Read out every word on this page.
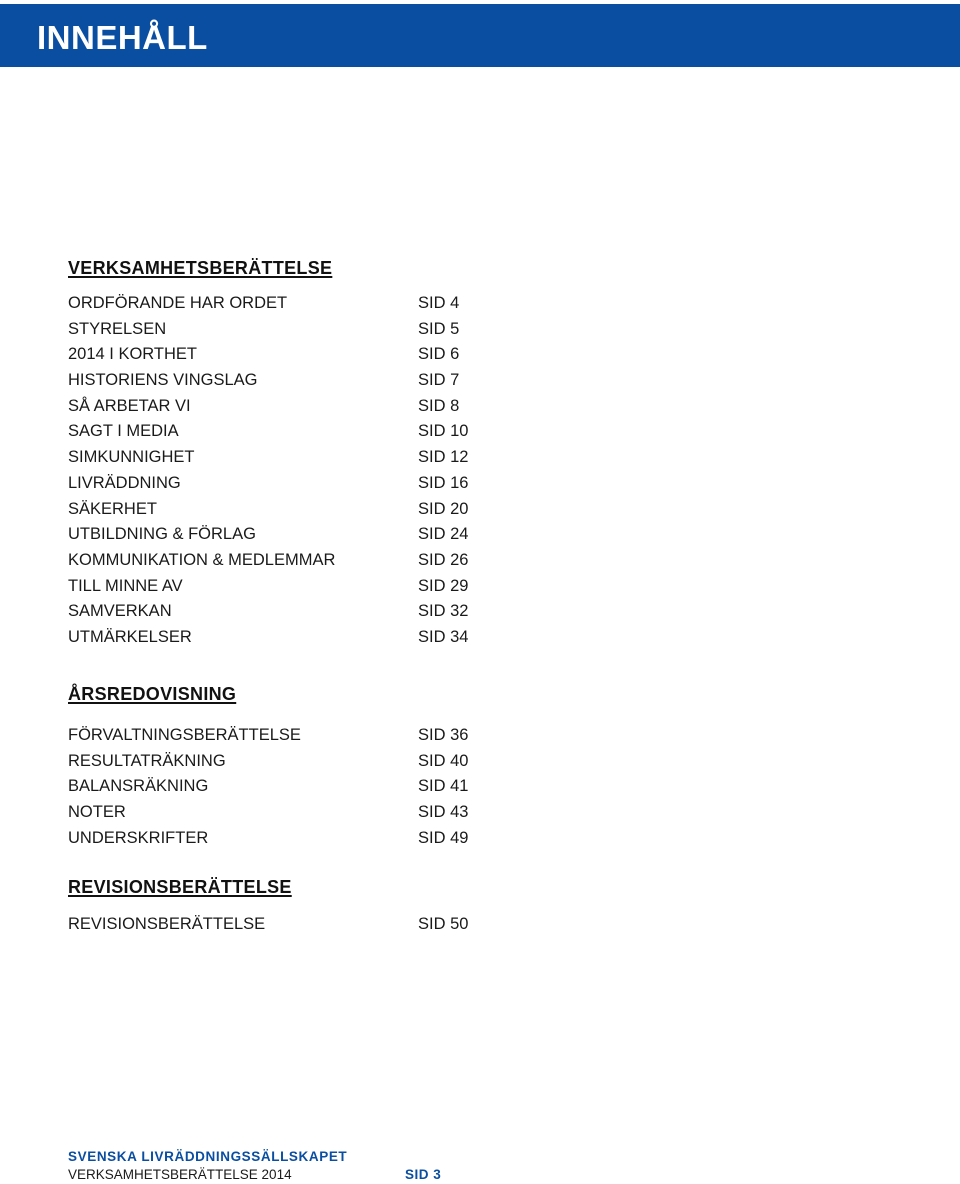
INNEHÅLL
VERKSAMHETSBERÄTTELSE
ORDFÖRANDE HAR ORDET	SID 4
STYRELSEN	SID 5
2014 I KORTHET	SID 6
HISTORIENS VINGSLAG	SID 7
SÅ ARBETAR VI	SID 8
SAGT I MEDIA	SID 10
SIMKUNNIGHET	SID 12
LIVRÄDDNING	SID 16
SÄKERHET	SID 20
UTBILDNING & FÖRLAG	SID 24
KOMMUNIKATION & MEDLEMMAR	SID 26
TILL MINNE AV	SID 29
SAMVERKAN	SID 32
UTMÄRKELSER	SID 34
ÅRSREDOVISNING
FÖRVALTNINGSBERÄTTELSE	SID 36
RESULTATRÄKNING	SID 40
BALANSRÄKNING	SID 41
NOTER	SID 43
UNDERSKRIFTER	SID 49
REVISIONSBERÄTTELSE
REVISIONSBERÄTTELSE	SID 50
SVENSKA LIVRÄDDNINGSSÄLLSKAPET
VERKSAMHETSBERÄTTELSE 2014	SID 3
